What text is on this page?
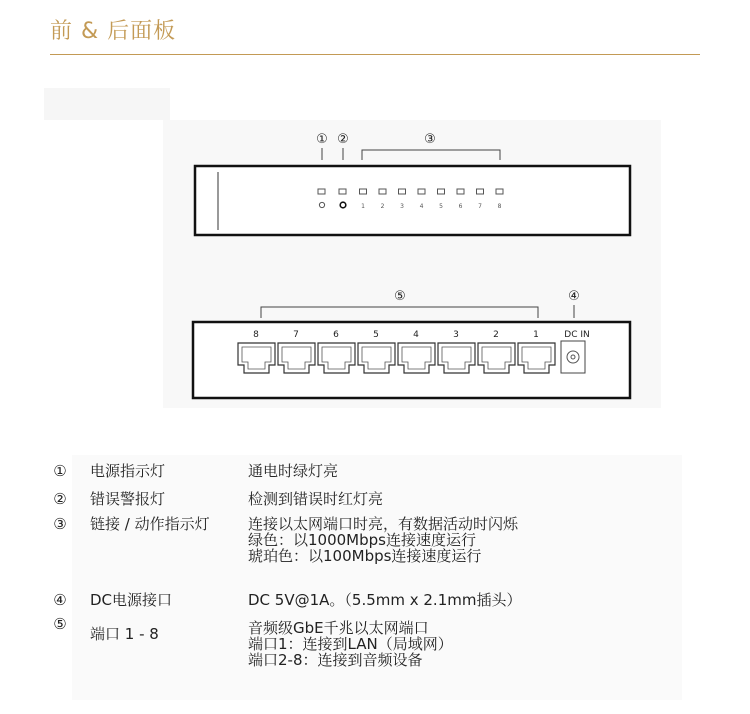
前 & 后面板
① ②	③
1	2	3	4	5	6	7	8
⑤	④
8	7	6	5	4	3	2	1	DC IN
① 电源指示灯	通电时绿灯亮
② 错误警报灯	检测到错误时红灯亮
③ 链接 / 动作指示灯	连接以太网端口时亮，有数据活动时闪烁
绿色：以1000Mbps连接速度运行
琥珀色：以100Mbps连接速度运行
④ DC电源接口	DC 5V@1A。（5.5mm x 2.1mm插头）
⑤
端口 1 - 8	音频级GbE千兆以太网端口
端口1：连接到LAN（局域网）
端口2-8：连接到音频设备
